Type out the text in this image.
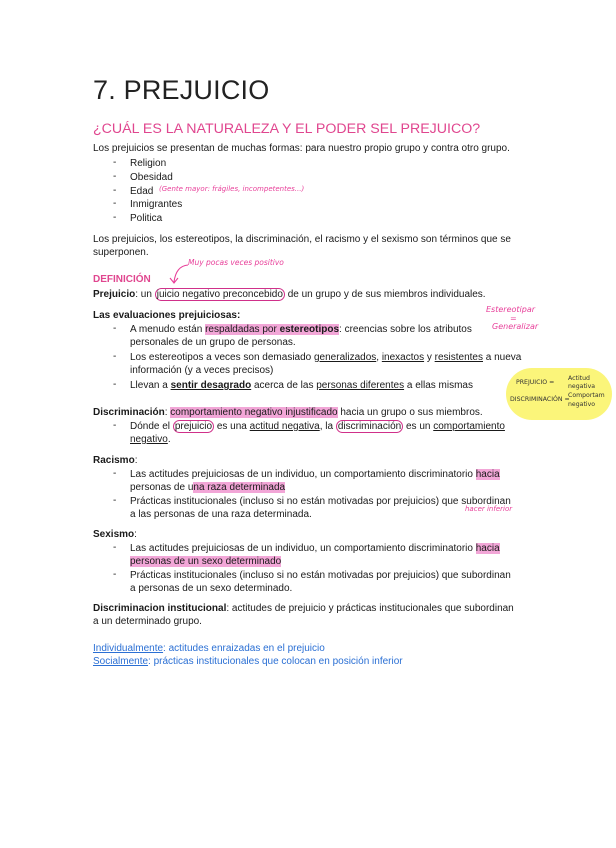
7. PREJUICIO
¿CUÁL ES LA NATURALEZA Y EL PODER SEL PREJUICO?
Los prejuicios se presentan de muchas formas: para nuestro propio grupo y contra otro grupo.
- Religion
- Obesidad
- Edad (Gente mayor: frágiles, incompetentes...)
- Inmigrantes
- Politica
Los prejuicios, los estereotipos, la discriminación, el racismo y el sexismo son términos que se
superponen.
Muy pocas veces positivo
DEFINICIÓN
Prejuicio: un juicio negativo preconcebido de un grupo y de sus miembros individuales.
Estereotipar
=
Generalizar
Las evaluaciones prejuiciosas:
- A menudo están respaldadas por estereotipos: creencias sobre los atributos
personales de un grupo de personas.
- Los estereotipos a veces son demasiado generalizados, inexactos y resistentes a nueva
información (y a veces precisos)
- Llevan a sentir desagrado acerca de las personas diferentes a ellas mismas	PREJUICIO =
Actitud
negativa
DISCRIMINACIÓN =
Comportam
negativo
Discriminación: comportamiento negativo injustificado hacia un grupo o sus miembros.
- Dónde el prejuicio es una actitud negativa, la discriminación es un comportamiento
negativo.
Racismo:
- Las actitudes prejuiciosas de un individuo, un comportamiento discriminatorio hacia
personas de una raza determinada
- Prácticas institucionales (incluso si no están motivadas por prejuicios) que subordinan
a las personas de una raza determinada.	hacer inferior
Sexismo:
- Las actitudes prejuiciosas de un individuo, un comportamiento discriminatorio hacia
personas de un sexo determinado
- Prácticas institucionales (incluso si no están motivadas por prejuicios) que subordinan
a personas de un sexo determinado.
Discriminacion institucional: actitudes de prejuicio y prácticas institucionales que subordinan
a un determinado grupo.
Individualmente: actitudes enraizadas en el prejuicio
Socialmente: prácticas institucionales que colocan en posición inferior
